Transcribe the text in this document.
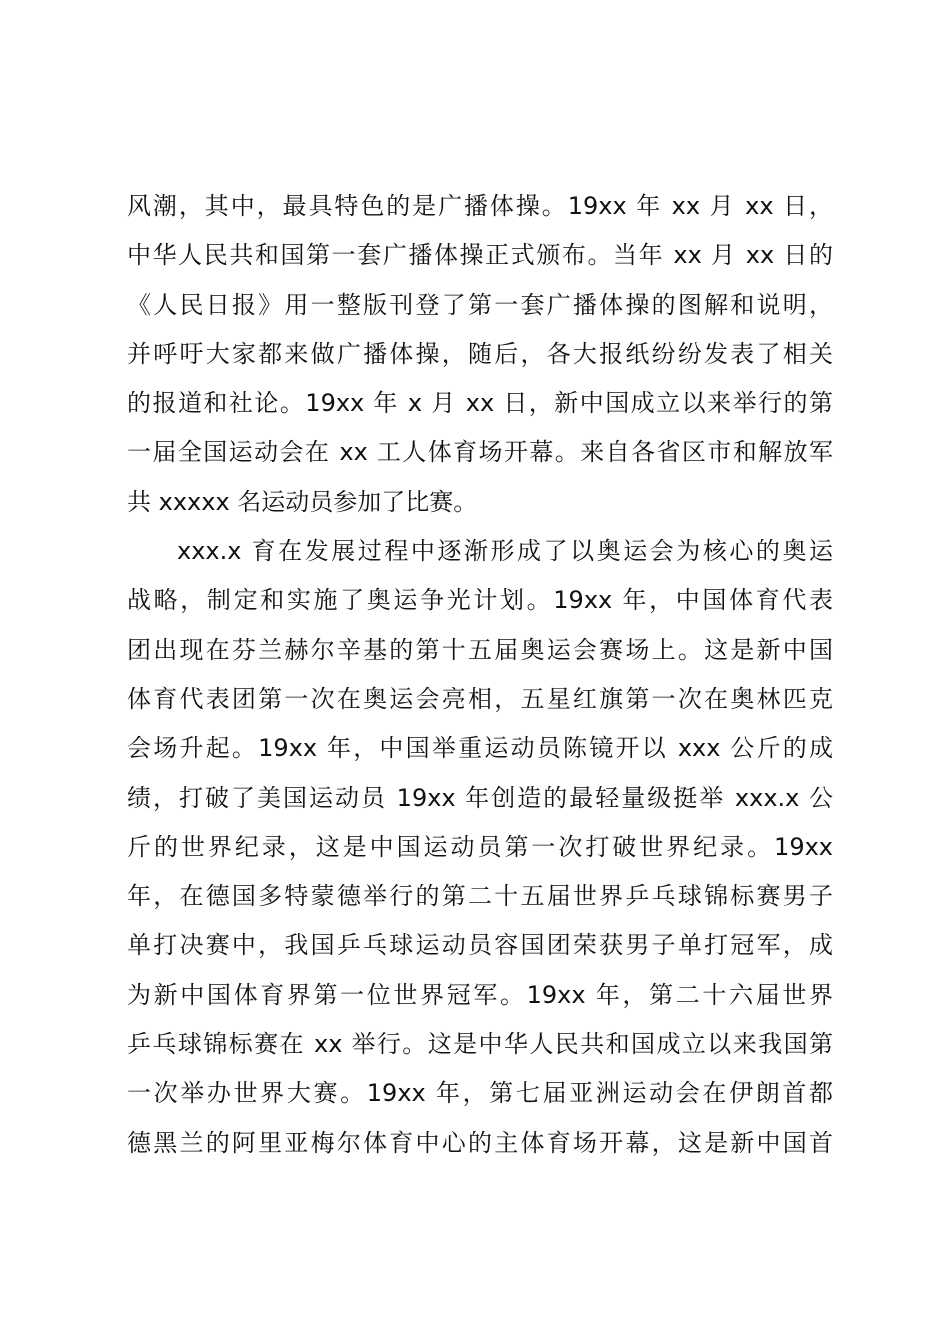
风潮，其中，最具特色的是广播体操。19xx 年 xx 月 xx 日，
中华人民共和国第一套广播体操正式颁布。当年 xx 月 xx 日的
《人民日报》用一整版刊登了第一套广播体操的图解和说明，
并呼吁大家都来做广播体操，随后，各大报纸纷纷发表了相关
的报道和社论。19xx 年 x 月 xx 日，新中国成立以来举行的第
一届全国运动会在 xx 工人体育场开幕。来自各省区市和解放军
共 xxxxx 名运动员参加了比赛。
xxx.x 育在发展过程中逐渐形成了以奥运会为核心的奥运
战略，制定和实施了奥运争光计划。19xx 年，中国体育代表
团出现在芬兰赫尔辛基的第十五届奥运会赛场上。这是新中国
体育代表团第一次在奥运会亮相，五星红旗第一次在奥林匹克
会场升起。19xx 年，中国举重运动员陈镜开以 xxx 公斤的成
绩，打破了美国运动员 19xx 年创造的最轻量级挺举 xxx.x 公
斤的世界纪录，这是中国运动员第一次打破世界纪录。19xx
年，在德国多特蒙德举行的第二十五届世界乒乓球锦标赛男子
单打决赛中，我国乒乓球运动员容国团荣获男子单打冠军，成
为新中国体育界第一位世界冠军。19xx 年，第二十六届世界
乒乓球锦标赛在 xx 举行。这是中华人民共和国成立以来我国第
一次举办世界大赛。19xx 年，第七届亚洲运动会在伊朗首都
德黑兰的阿里亚梅尔体育中心的主体育场开幕，这是新中国首
